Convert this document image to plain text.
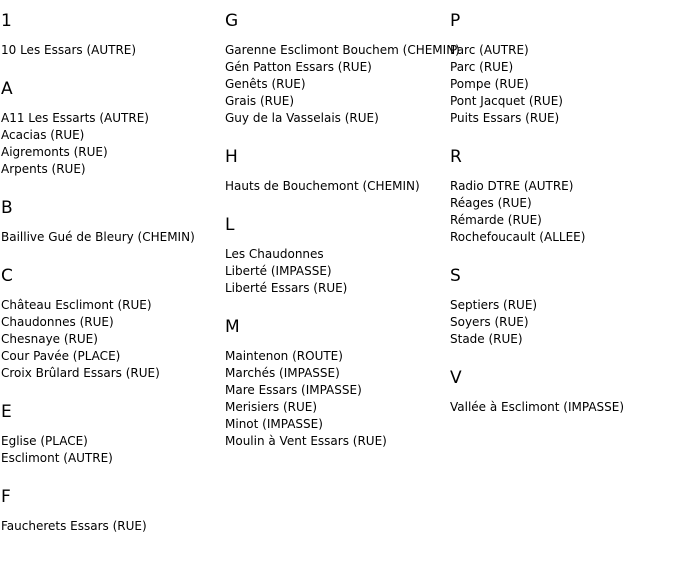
1
10 Les Essars (AUTRE)
A
A11 Les Essarts (AUTRE)
Acacias (RUE)
Aigremonts (RUE)
Arpents (RUE)
B
Baillive Gué de Bleury (CHEMIN)
C
Château Esclimont (RUE)
Chaudonnes (RUE)
Chesnaye (RUE)
Cour Pavée (PLACE)
Croix Brûlard Essars (RUE)
E
Eglise (PLACE)
Esclimont (AUTRE)
F
Faucherets Essars (RUE)
G
Garenne Esclimont Bouchem (CHEMIN)
Gén Patton Essars (RUE)
Genêts (RUE)
Grais (RUE)
Guy de la Vasselais (RUE)
H
Hauts de Bouchemont (CHEMIN)
L
Les Chaudonnes
Liberté (IMPASSE)
Liberté Essars (RUE)
M
Maintenon (ROUTE)
Marchés (IMPASSE)
Mare Essars (IMPASSE)
Merisiers (RUE)
Minot (IMPASSE)
Moulin à Vent Essars (RUE)
P
Parc (AUTRE)
Parc (RUE)
Pompe (RUE)
Pont Jacquet (RUE)
Puits Essars (RUE)
R
Radio DTRE (AUTRE)
Réages (RUE)
Rémarde (RUE)
Rochefoucault (ALLEE)
S
Septiers (RUE)
Soyers (RUE)
Stade (RUE)
V
Vallée à Esclimont (IMPASSE)
